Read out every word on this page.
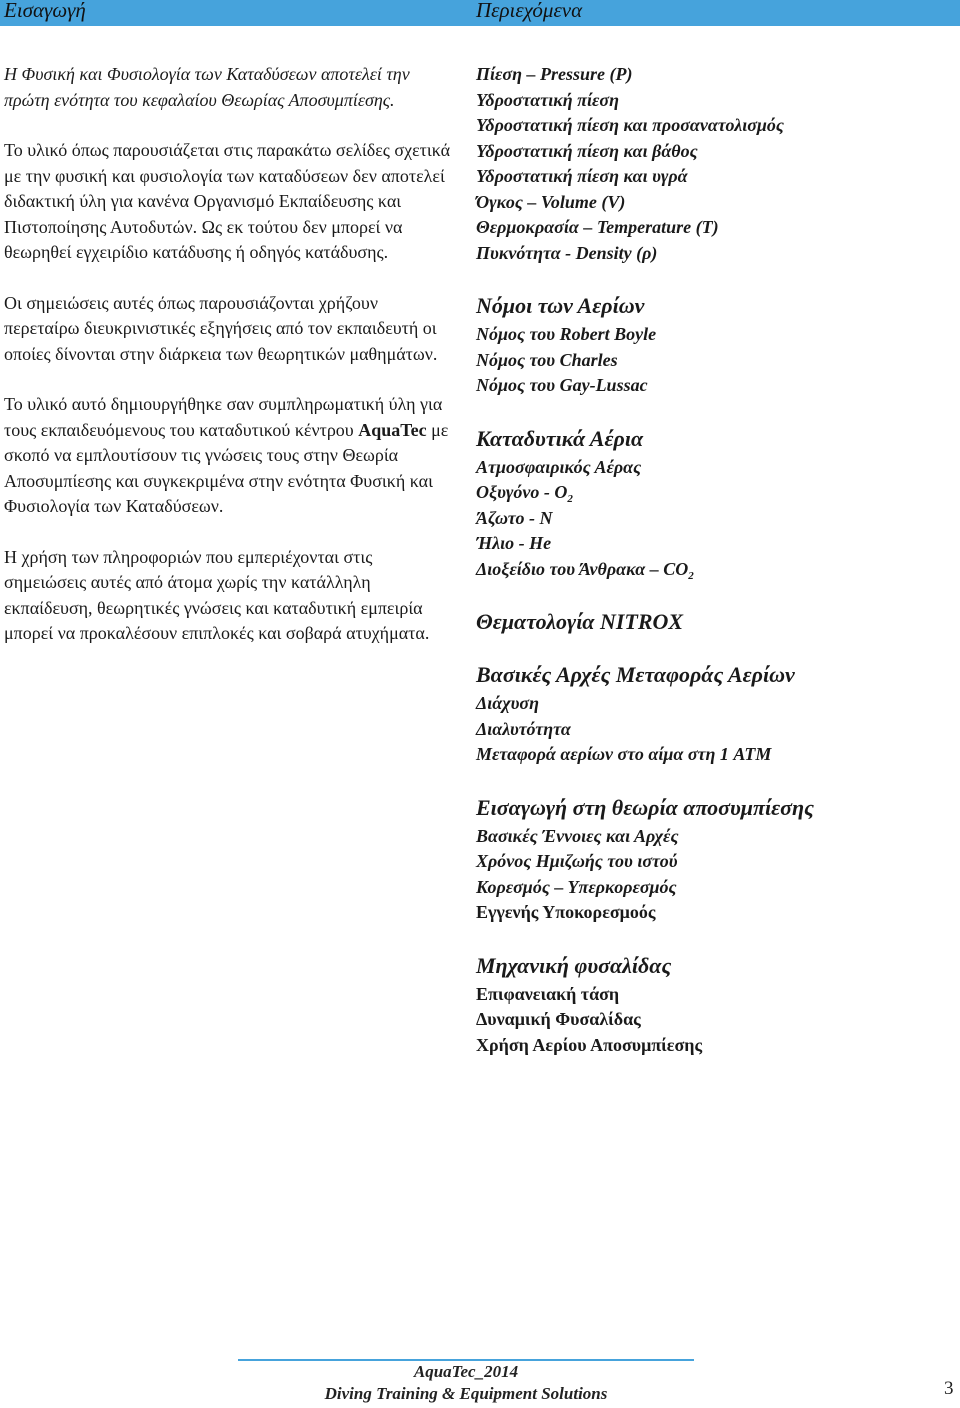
Εισαγωγή	Περιεχόμενα

Η Φυσική και Φυσιολογία των Καταδύσεων αποτελεί την πρώτη ενότητα του κεφαλαίου Θεωρίας Αποσυμπίεσης.

Το υλικό όπως παρουσιάζεται στις παρακάτω σελίδες σχετικά με την φυσική και φυσιολογία των καταδύσεων δεν αποτελεί διδακτική ύλη για κανένα Οργανισμό Εκπαίδευσης και Πιστοποίησης Αυτοδυτών. Ως εκ τούτου δεν μπορεί να θεωρηθεί εγχειρίδιο κατάδυσης ή οδηγός κατάδυσης.

Οι σημειώσεις αυτές όπως παρουσιάζονται χρήζουν περεταίρω διευκρινιστικές εξηγήσεις από τον εκπαιδευτή οι οποίες δίνονται στην διάρκεια των θεωρητικών μαθημάτων.

Το υλικό αυτό δημιουργήθηκε σαν συμπληρωματική ύλη για τους εκπαιδευόμενους του καταδυτικού κέντρου AquaTec με σκοπό να εμπλουτίσουν τις γνώσεις τους στην Θεωρία Αποσυμπίεσης και συγκεκριμένα στην ενότητα Φυσική και Φυσιολογία των Καταδύσεων.

Η χρήση των πληροφοριών που εμπεριέχονται στις σημειώσεις αυτές από άτομα χωρίς την κατάλληλη εκπαίδευση, θεωρητικές γνώσεις και καταδυτική εμπειρία μπορεί να προκαλέσουν επιπλοκές και σοβαρά ατυχήματα.

Πίεση – Pressure (P)
Υδροστατική πίεση
Υδροστατική πίεση και προσανατολισμός
Υδροστατική πίεση και βάθος
Υδροστατική πίεση και υγρά
Όγκος – Volume (V)
Θερμοκρασία – Temperature (T)
Πυκνότητα - Density (ρ)
Νόμοι των Αερίων
Νόμος του Robert Boyle
Νόμος του Charles
Νόμος του Gay-Lussac
Καταδυτικά Αέρια
Ατμοσφαιρικός Αέρας
Οξυγόνο - $O_2$
Άζωτο - N
Ήλιο - He
Διοξείδιο του Άνθρακα – $CO_2$
Θεματολογία NITROX
Βασικές Αρχές Μεταφοράς Αερίων
Διάχυση
Διαλυτότητα
Μεταφορά αερίων στο αίμα στη 1 ATM
Εισαγωγή στη θεωρία αποσυμπίεσης
Βασικές Έννοιες και Αρχές
Χρόνος Ημιζωής του ιστού
Κορεσμός – Υπερκορεσμός
Εγγενής Υποκορεσμοός
Μηχανική φυσαλίδας
Επιφανειακή τάση
Δυναμική Φυσαλίδας
Χρήση Αερίου Αποσυμπίεσης
AquaTec_2014
Diving Training & Equipment Solutions	3
